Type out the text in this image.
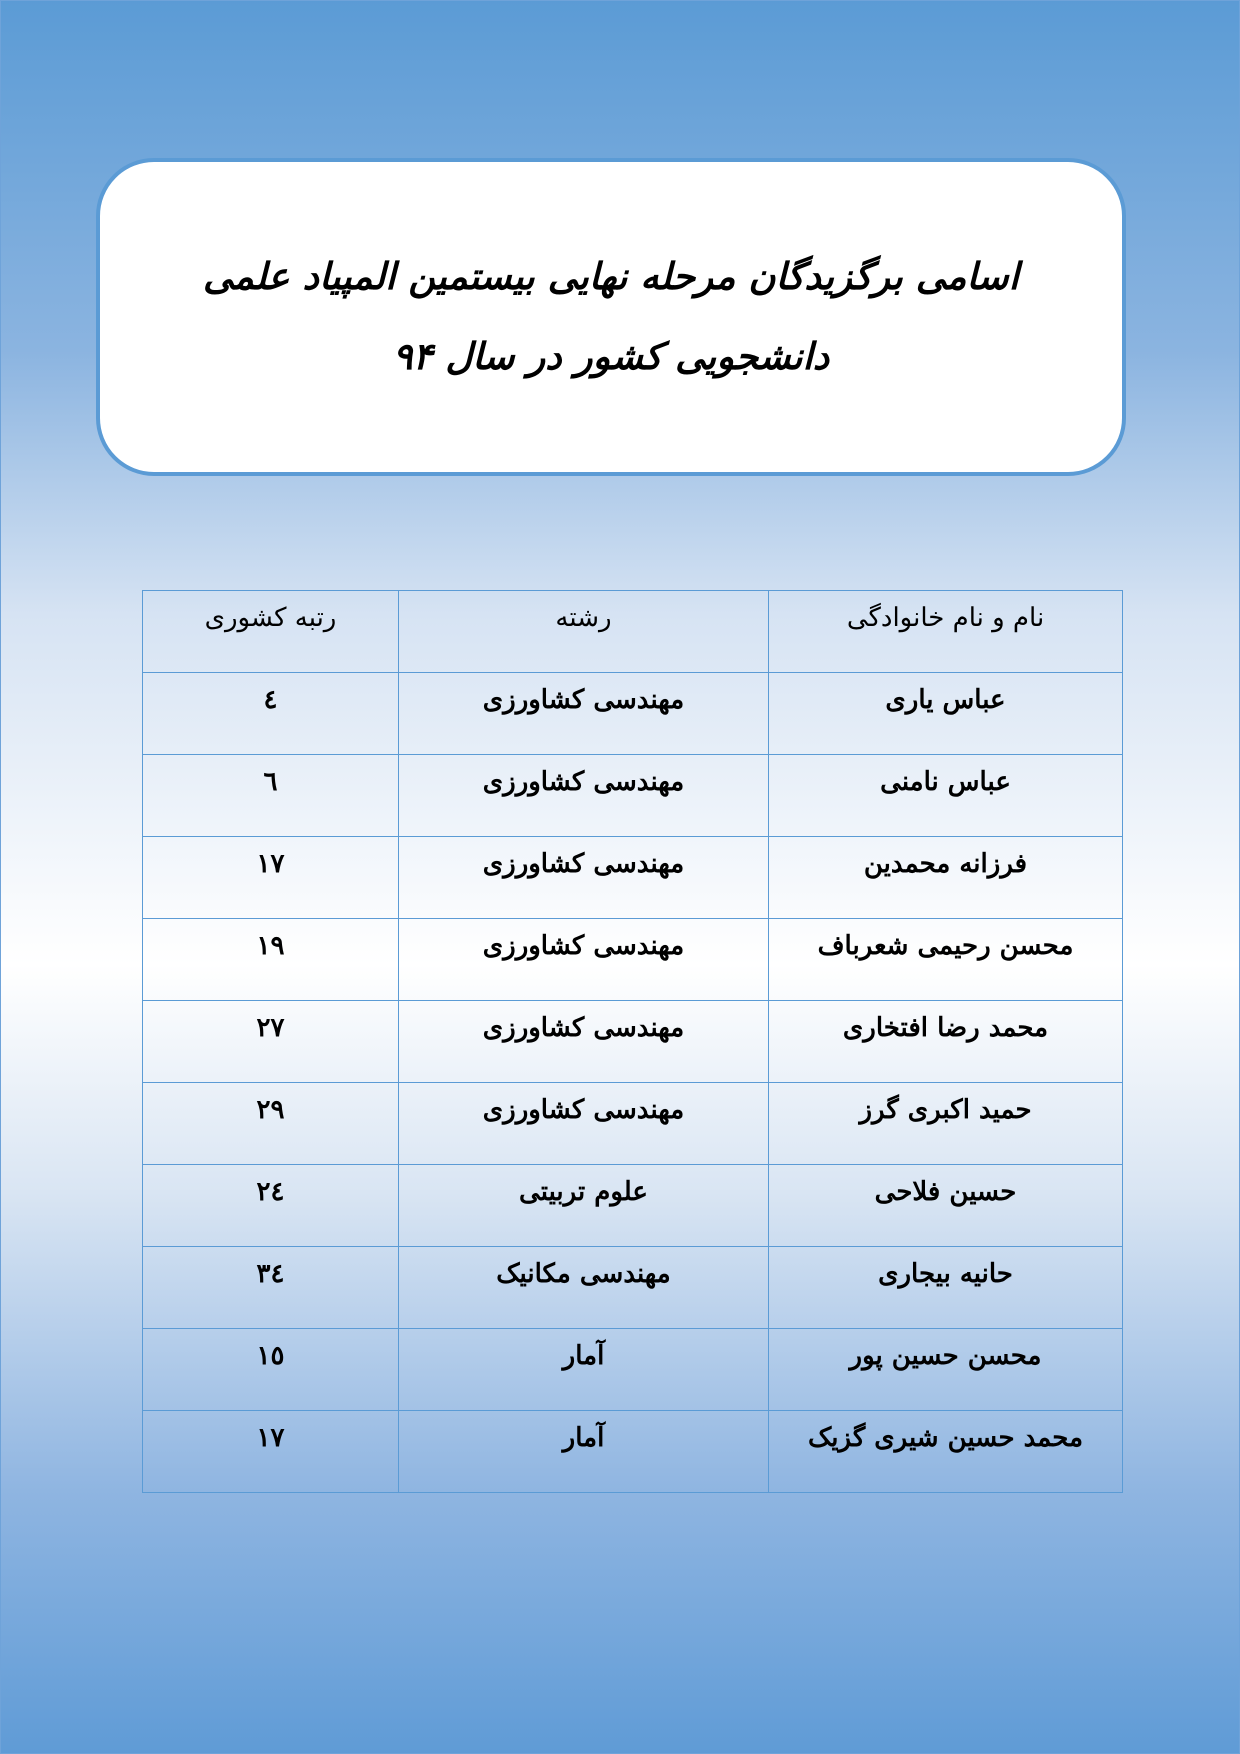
اسامی برگزیدگان مرحله نهایی بیستمین المپیاد علمی دانشجویی کشور در سال ۹۴
نام و نام خانوادگی	رشته	رتبه کشوری
عباس یاری	مهندسی کشاورزی	٤
عباس نامنی	مهندسی کشاورزی	٦
فرزانه محمدین	مهندسی کشاورزی	١٧
محسن رحیمی شعرباف	مهندسی کشاورزی	١٩
محمد رضا افتخاری	مهندسی کشاورزی	٢٧
حمید اکبری گرز	مهندسی کشاورزی	٢٩
حسین فلاحی	علوم تربیتی	٢٤
حانیه بیجاری	مهندسی مکانیک	٣٤
محسن حسین پور	آمار	١٥
محمد حسین شیری گزیک	آمار	١٧
